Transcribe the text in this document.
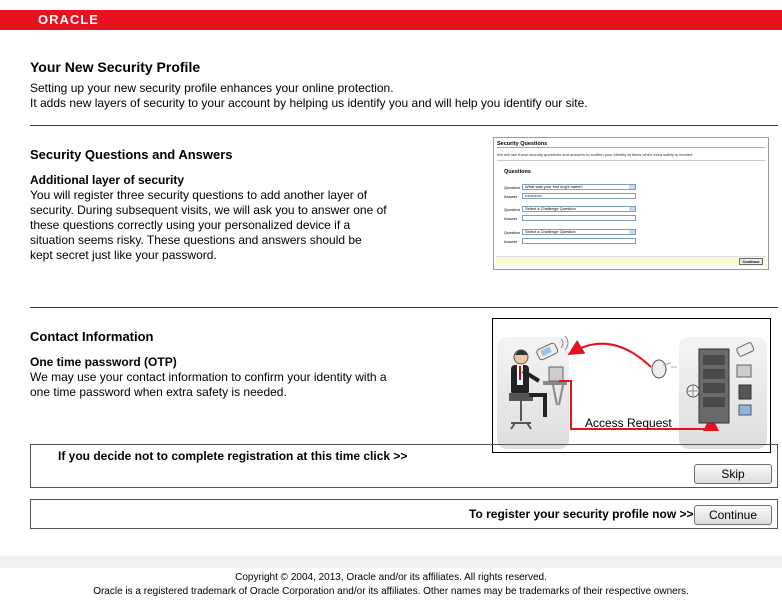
ORACLE
Your New Security Profile
Setting up your new security profile enhances your online protection.
It adds new layers of security to your account by helping us identify you and will help you identify our site.
Security Questions and Answers
Additional layer of security
You will register three security questions to add another layer of
security. During subsequent visits, we will ask you to answer one of
these questions correctly using your personalized device if a
situation seems risky. These questions and answers should be
kept secret just like your password.
Security Questions
We will use these security questions and answers to confirm your identity at times when extra safety is needed.
Questions
Question	What was your first dog's name?
Answer	••••••••••••
Question	Select a Challenge Question
Answer
Question	Select a Challenge Question
Answer
Continue
Contact Information
One time password (OTP)
We may use your contact information to confirm your identity with a
one time password when extra safety is needed.
Access Request
If you decide not to complete registration at this time click >>
Skip
To register your security profile now >>	Continue
Copyright © 2004, 2013, Oracle and/or its affiliates. All rights reserved.
Oracle is a registered trademark of Oracle Corporation and/or its affiliates. Other names may be trademarks of their respective owners.
